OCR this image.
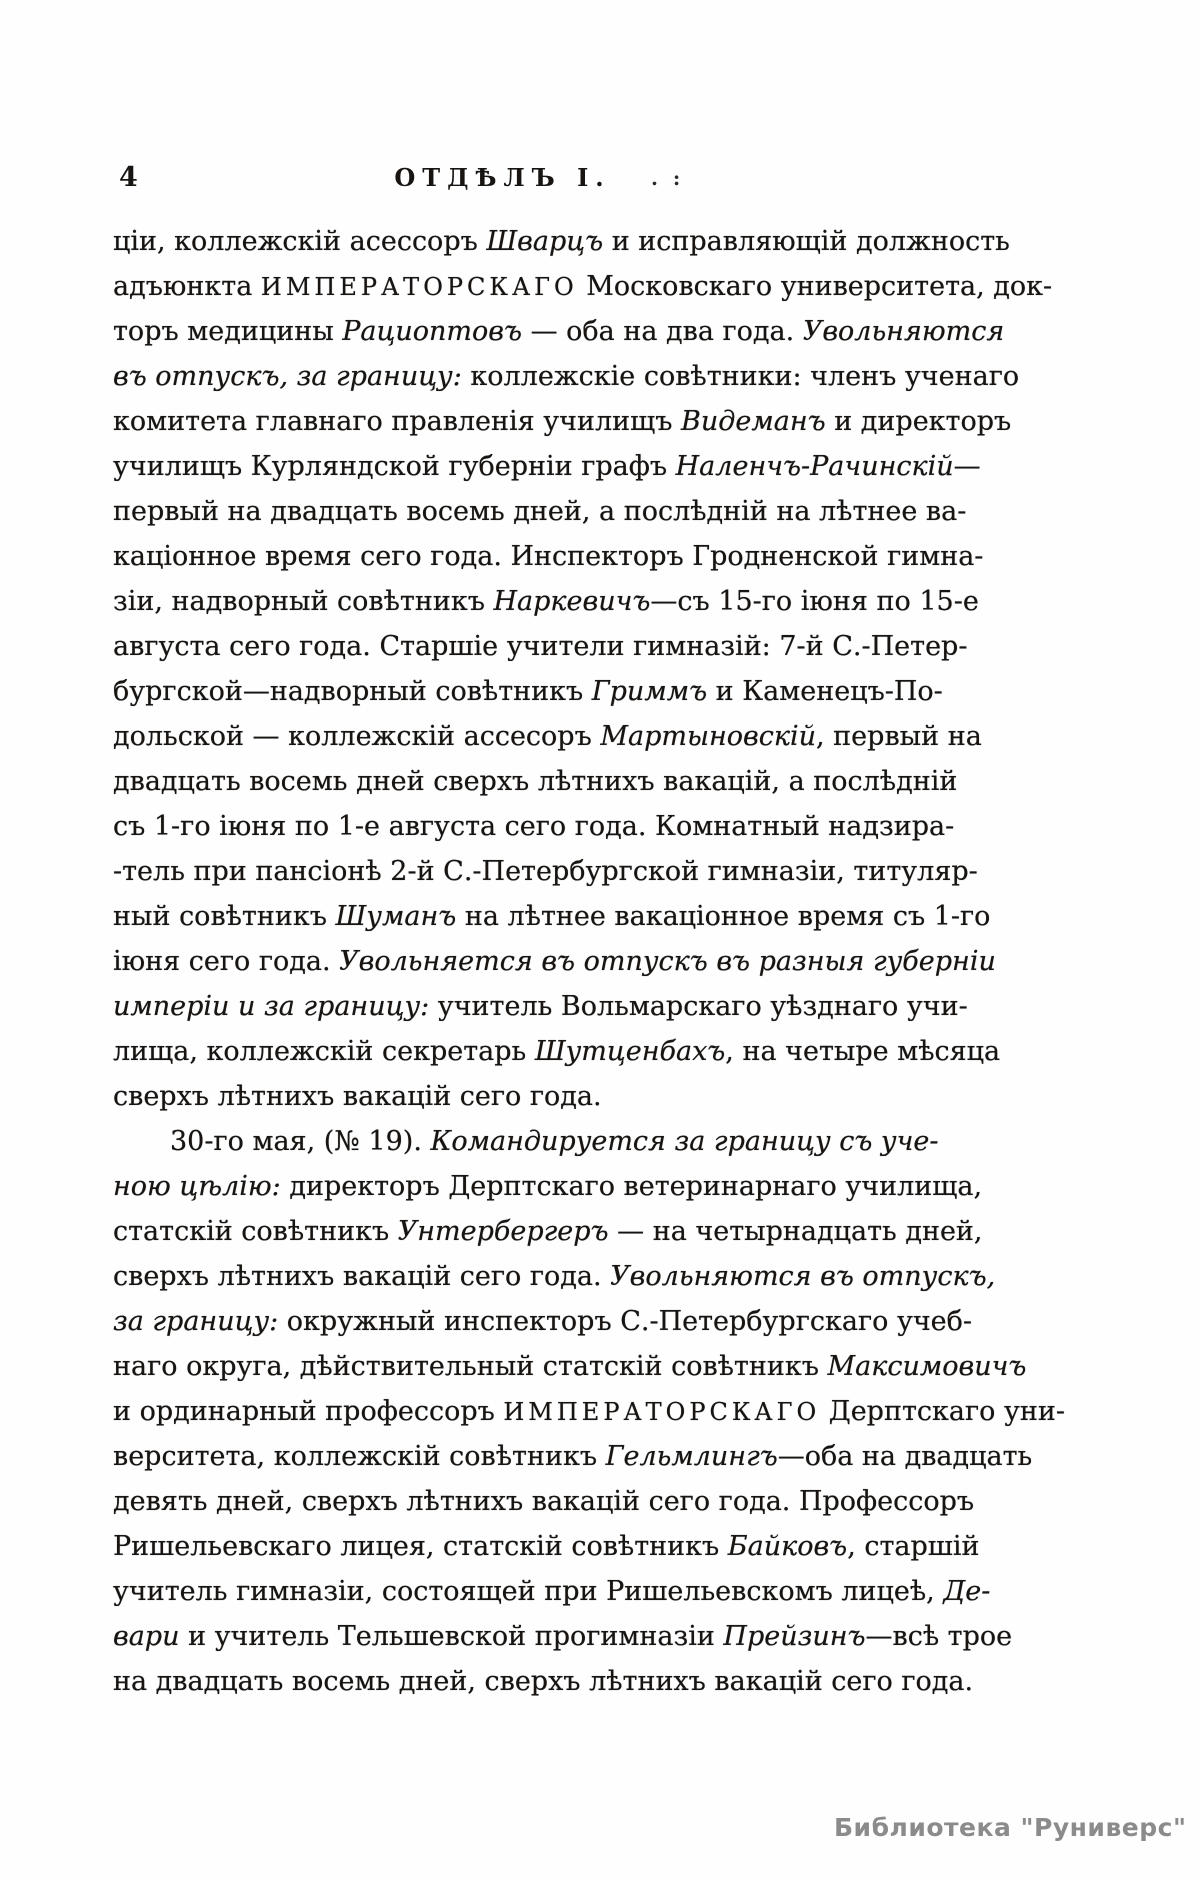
4	ОТДѢЛЪ I.	. :
ціи, коллежскій асессоръ Шварцъ и исправляющій должность
адъюнкта ИМПЕРАТОРСКАГО Московскаго университета, док-
торъ медицины Рациоптовъ — оба на два года. Увольняются
въ отпускъ, за границу: коллежскіе совѣтники: членъ ученаго
комитета главнаго правленія училищъ Видеманъ и директоръ
училищъ Курляндской губерніи графъ Наленчъ-Рачинскій—
первый на двадцать восемь дней, а послѣдній на лѣтнее ва-
каціонное время сего года. Инспекторъ Гродненской гимна-
зіи, надворный совѣтникъ Наркевичъ—съ 15-го іюня по 15-е
августа сего года. Старшіе учители гимназій: 7-й С.-Петер-
бургской—надворный совѣтникъ Гриммъ и Каменецъ-По-
дольской — коллежскій ассесоръ Мартыновскій, первый на
двадцать восемь дней сверхъ лѣтнихъ вакацій, а послѣдній
съ 1-го іюня по 1-е августа сего года. Комнатный надзира-
-тель при пансіонѣ 2-й С.-Петербургской гимназіи, титуляр-
ный совѣтникъ Шуманъ на лѣтнее вакаціонное время съ 1-го
іюня сего года. Увольняется въ отпускъ въ разныя губерніи
имперіи и за границу: учитель Вольмарскаго уѣзднаго учи-
лища, коллежскій секретарь Шутценбахъ, на четыре мѣсяца
сверхъ лѣтнихъ вакацій сего года.
30-го мая, (№ 19). Командируется за границу съ уче-
ною цѣлію: директоръ Дерптскаго ветеринарнаго училища,
статскій совѣтникъ Унтербергеръ — на четырнадцать дней,
сверхъ лѣтнихъ вакацій сего года. Увольняются въ отпускъ,
за границу: окружный инспекторъ С.-Петербургскаго учеб-
наго округа, дѣйствительный статскій совѣтникъ Максимовичъ
и ординарный профессоръ ИМПЕРАТОРСКАГО Дерптскаго уни-
верситета, коллежскій совѣтникъ Гельмлингъ—оба на двадцать
девять дней, сверхъ лѣтнихъ вакацій сего года. Профессоръ
Ришельевскаго лицея, статскій совѣтникъ Байковъ, старшій
учитель гимназіи, состоящей при Ришельевскомъ лицеѣ, Де-
вари и учитель Тельшевской прогимназіи Прейзинъ—всѣ трое
на двадцать восемь дней, сверхъ лѣтнихъ вакацій сего года.
Библиотека "Руниверс"
